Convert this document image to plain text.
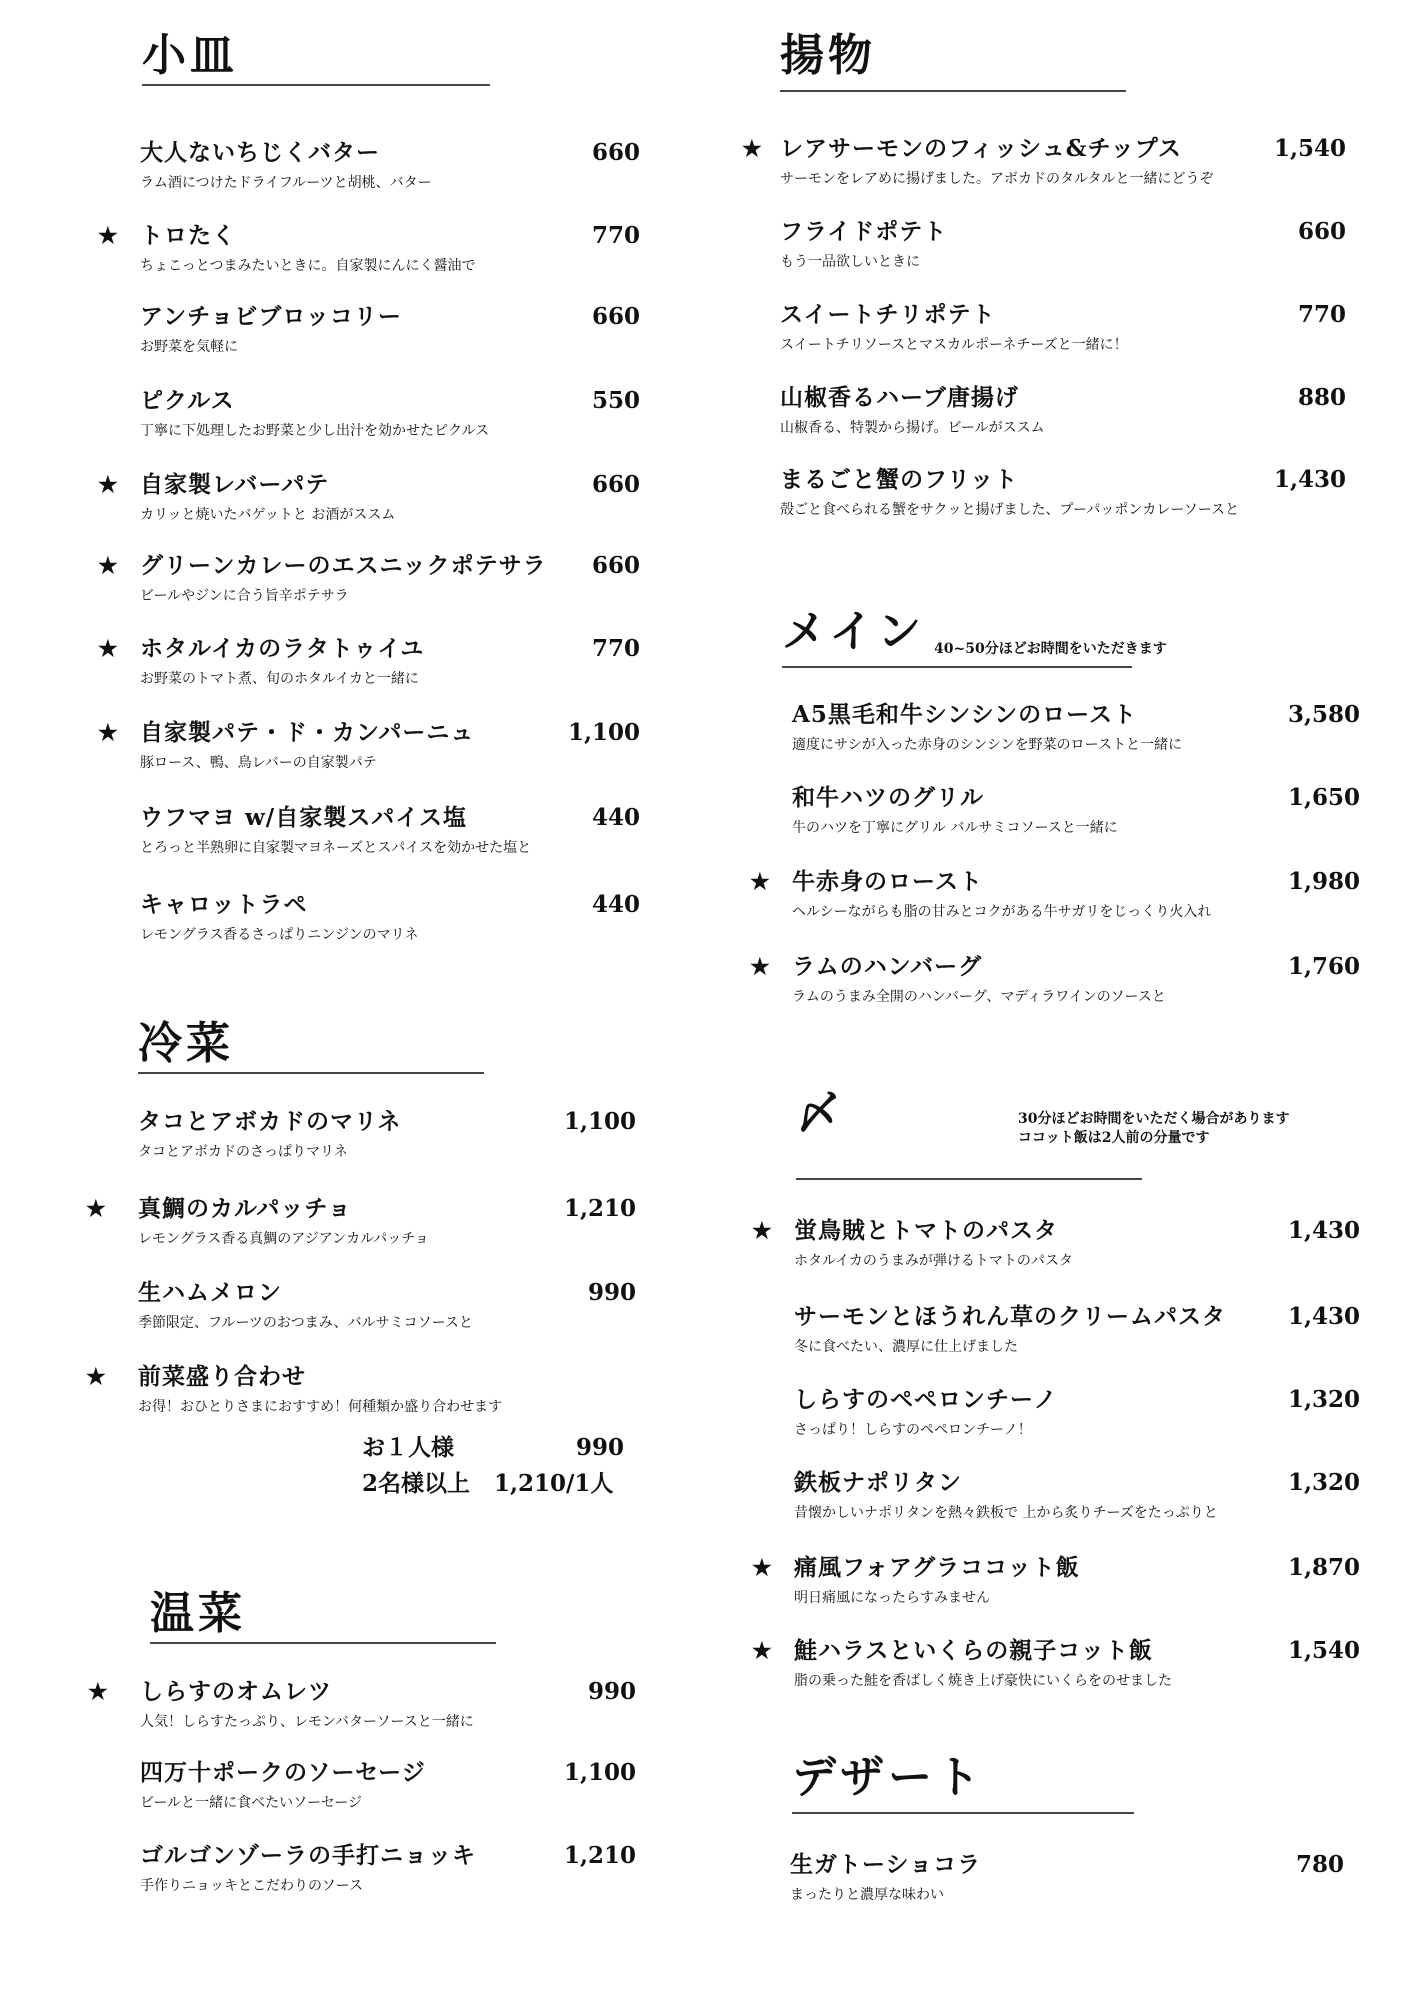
小皿
冷菜
お１人様	990
2名様以上 1,210/1人
温菜
揚物
メイン 40~50分ほどお時間をいただきます
〆	30分ほどお時間をいただく場合があります
ココット飯は2人前の分量です
デザート
大人ないちじくバター	660
ラム酒につけたドライフルーツと胡桃、バター
★ トロたく	770
ちょこっとつまみたいときに。自家製にんにく醤油で
アンチョビブロッコリー	660
お野菜を気軽に
ピクルス	550
丁寧に下処理したお野菜と少し出汁を効かせたピクルス
★ 自家製レバーパテ	660
カリッと焼いたバゲットと お酒がススム
★ グリーンカレーのエスニックポテサラ 660
ビールやジンに合う旨辛ポテサラ
★ ホタルイカのラタトゥイユ	770
お野菜のトマト煮、旬のホタルイカと一緒に
★ 自家製パテ・ド・カンパーニュ	1,100
豚ロース、鴨、鳥レバーの自家製パテ
ウフマヨ w/自家製スパイス塩	440
とろっと半熟卵に自家製マヨネーズとスパイスを効かせた塩と
キャロットラペ	440
レモングラス香るさっぱりニンジンのマリネ
タコとアボカドのマリネ	1,100
タコとアボカドのさっぱりマリネ
★ 真鯛のカルパッチョ	1,210
レモングラス香る真鯛のアジアンカルパッチョ
生ハムメロン	990
季節限定、フルーツのおつまみ、バルサミコソースと
★ 前菜盛り合わせ
お得！おひとりさまにおすすめ！何種類か盛り合わせます
★ しらすのオムレツ	990
人気！しらすたっぷり、レモンバターソースと一緒に
四万十ポークのソーセージ	1,100
ビールと一緒に食べたいソーセージ
ゴルゴンゾーラの手打ニョッキ	1,210
手作りニョッキとこだわりのソース
★ レアサーモンのフィッシュ&チップス	1,540
サーモンをレアめに揚げました。アボカドのタルタルと一緒にどうぞ
フライドポテト	660
もう一品欲しいときに
スイートチリポテト	770
スイートチリソースとマスカルポーネチーズと一緒に！
山椒香るハーブ唐揚げ	880
山椒香る、特製から揚げ。ビールがススム
まるごと蟹のフリット	1,430
殻ごと食べられる蟹をサクッと揚げました、プーパッポンカレーソースと
A5黒毛和牛シンシンのロースト	3,580
適度にサシが入った赤身のシンシンを野菜のローストと一緒に
和牛ハツのグリル	1,650
牛のハツを丁寧にグリル バルサミコソースと一緒に
★ 牛赤身のロースト	1,980
ヘルシーながらも脂の甘みとコクがある牛サガリをじっくり火入れ
★ ラムのハンバーグ	1,760
ラムのうまみ全開のハンバーグ、マディラワインのソースと
★ 蛍鳥賊とトマトのパスタ	1,430
ホタルイカのうまみが弾けるトマトのパスタ
サーモンとほうれん草のクリームパスタ	1,430
冬に食べたい、濃厚に仕上げました
しらすのペペロンチーノ	1,320
さっぱり！しらすのペペロンチーノ！
鉄板ナポリタン	1,320
昔懐かしいナポリタンを熱々鉄板で 上から炙りチーズをたっぷりと
★ 痛風フォアグラココット飯	1,870
明日痛風になったらすみません
★ 鮭ハラスといくらの親子コット飯	1,540
脂の乗った鮭を香ばしく焼き上げ豪快にいくらをのせました
生ガトーショコラ	780
まったりと濃厚な味わい
